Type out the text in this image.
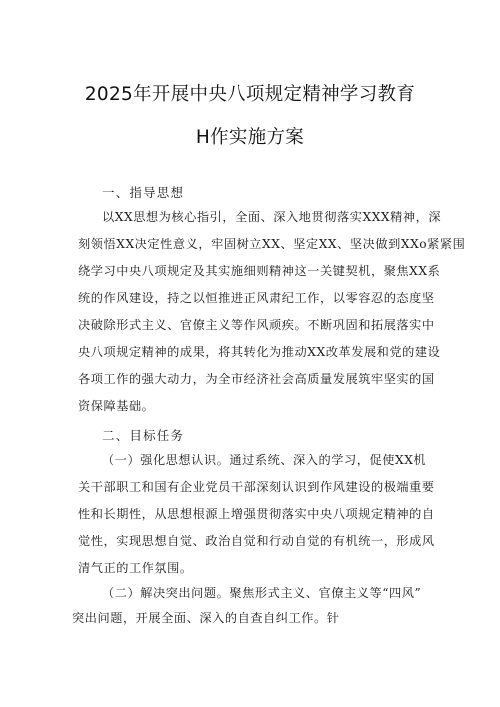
2025年开展中央八项规定精神学习教育
H作实施方案
一、指导思想
以XX思想为核心指引，全面、深入地贯彻落实XXX精神，深
刻领悟XX决定性意义，牢固树立XX、坚定XX、坚决做到XXo紧紧围
绕学习中央八项规定及其实施细则精神这一关键契机，聚焦XX系
统的作风建设，持之以恒推进正风肃纪工作，以零容忍的态度坚
决破除形式主义、官僚主义等作风顽疾。不断巩固和拓展落实中
央八项规定精神的成果，将其转化为推动XX改革发展和党的建设
各项工作的强大动力，为全市经济社会高质量发展筑牢坚实的国
资保障基础。
二、目标任务
（一）强化思想认识。通过系统、深入的学习，促使XX机
关干部职工和国有企业党员干部深刻认识到作风建设的极端重要
性和长期性，从思想根源上增强贯彻落实中央八项规定精神的自
觉性，实现思想自觉、政治自觉和行动自觉的有机统一，形成风
清气正的工作氛围。
（二）解决突出问题。聚焦形式主义、官僚主义等“四风”
突出问题，开展全面、深入的自查自纠工作。针
